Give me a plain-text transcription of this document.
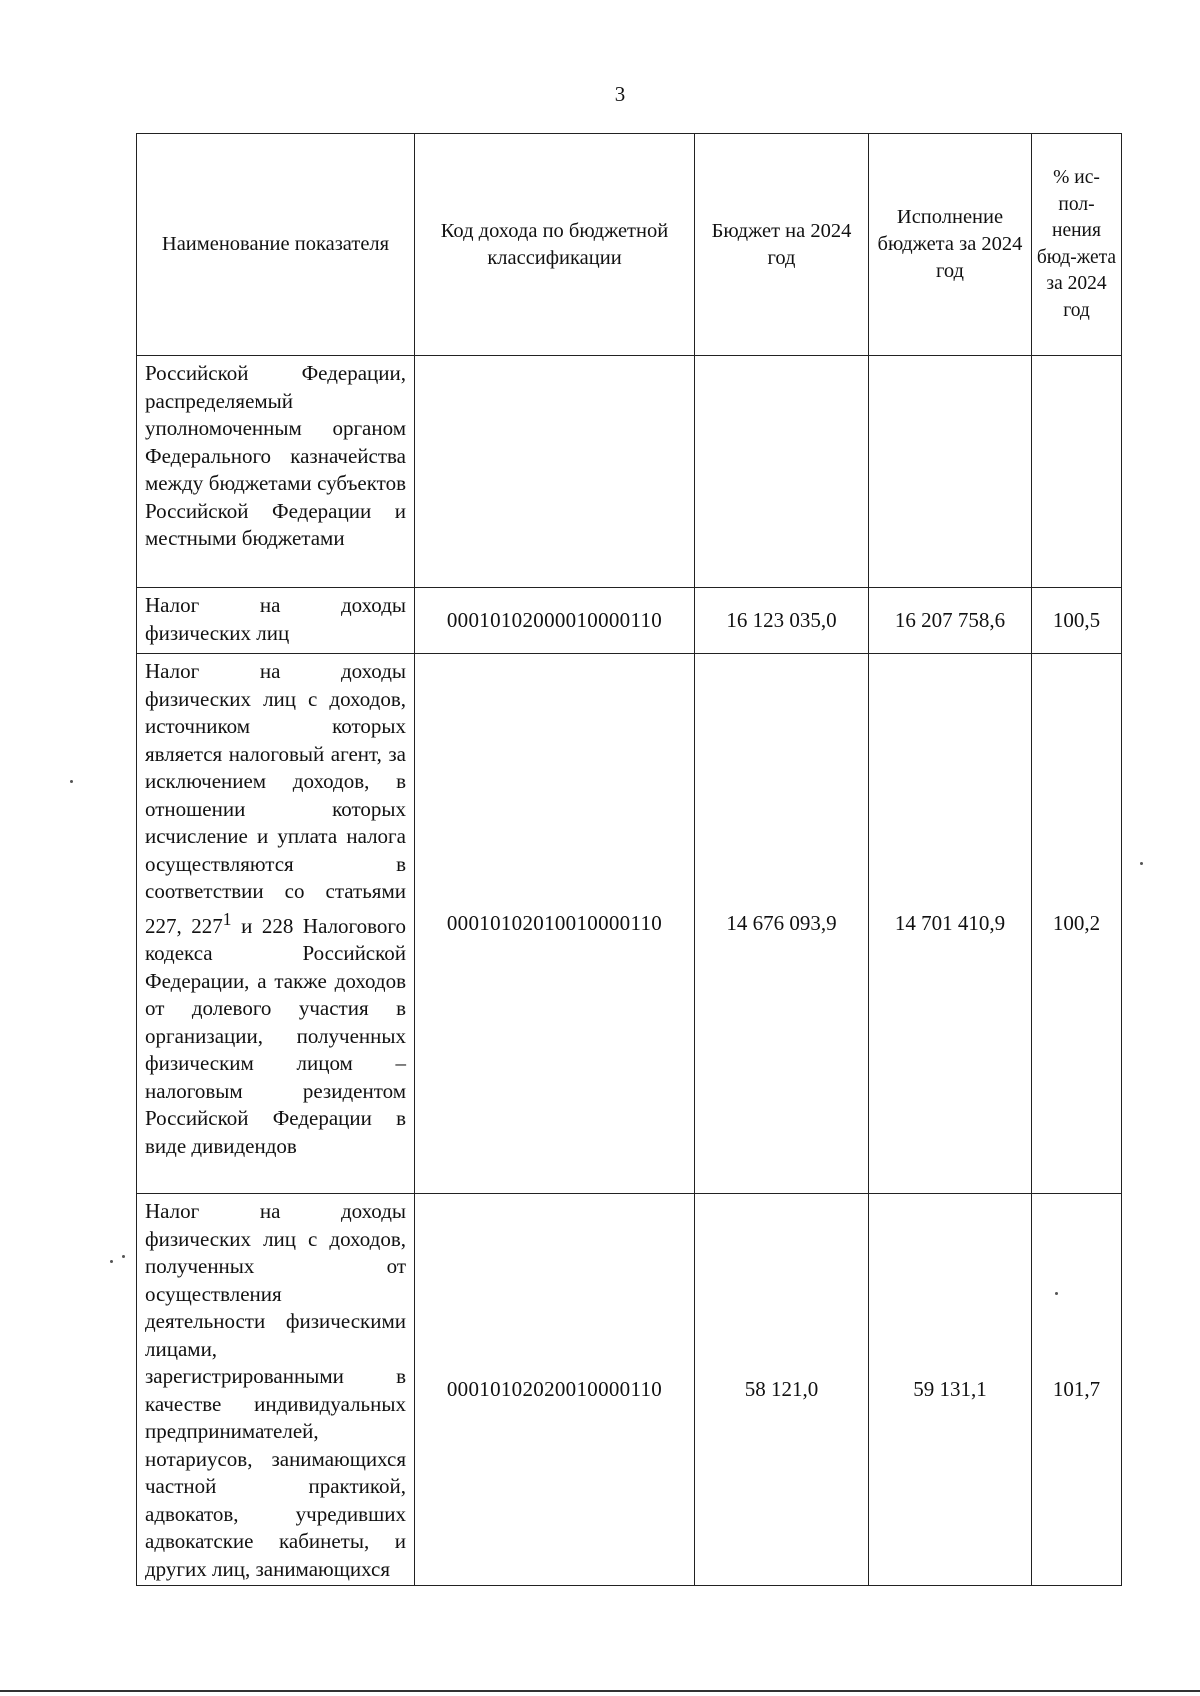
3
Наименование показателя	Код дохода по бюджетной классификации	Бюджет на 2024 год	Исполнение бюджета за 2024 год	% ис-пол-нения бюд-жета за 2024 год
Российской Федерации, распределяемый уполномоченным органом Федерального казначейства между бюджетами субъектов Российской Федерации и местными бюджетами				
Налог на доходы физических лиц	00010102000010000110	16 123 035,0	16 207 758,6	100,5
Налог на доходы физических лиц с доходов, источником которых является налоговый агент, за исключением доходов, в отношении которых исчисление и уплата налога осуществляются в соответствии со статьями 227, $227^1$ и 228 Налогового кодекса Российской Федерации, а также доходов от долевого участия в организации, полученных физическим лицом – налоговым резидентом Российской Федерации в виде дивидендов	00010102010010000110	14 676 093,9	14 701 410,9	100,2
Налог на доходы физических лиц с доходов, полученных от осуществления деятельности физическими лицами, зарегистрированными в качестве индивидуальных предпринимателей, нотариусов, занимающихся частной практикой, адвокатов, учредивших адвокатские кабинеты, и других лиц, занимающихся	00010102020010000110	58 121,0	59 131,1	101,7
